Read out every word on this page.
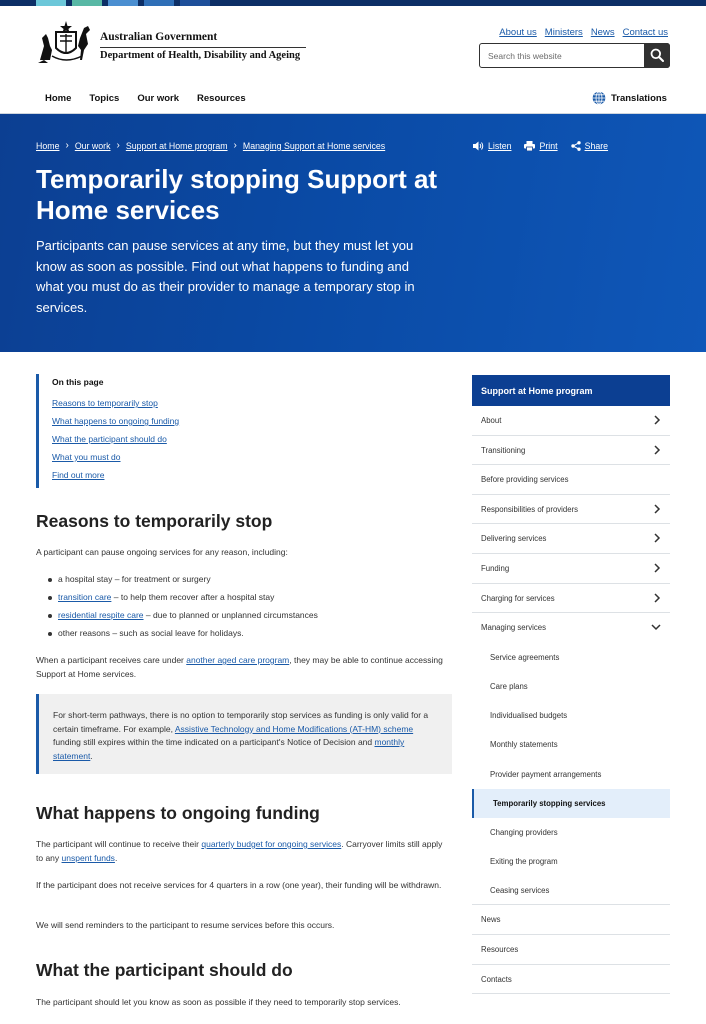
Australian Government
Department of Health, Disability and Ageing
About us Ministers News Contact us
Search this website
Home	Topics	Our work	Resources	Translations
Home › Our work › Support at Home program › Managing Support at Home services	Listen	Print	Share
Temporarily stopping Support at Home services

Participants can pause services at any time, but they must let you know as soon as possible. Find out what happens to funding and what you must do as their provider to manage a temporary stop in services.

On this page
Reasons to temporarily stop
What happens to ongoing funding
What the participant should do
What you must do
Find out more
Reasons to temporarily stop
A participant can pause ongoing services for any reason, including:
a hospital stay – for treatment or surgery
transition care – to help them recover after a hospital stay
residential respite care – due to planned or unplanned circumstances
other reasons – such as social leave for holidays.
When a participant receives care under another aged care program, they may be able to continue accessing Support at Home services.
For short-term pathways, there is no option to temporarily stop services as funding is only valid for a certain timeframe. For example, Assistive Technology and Home Modifications (AT-HM) scheme funding still expires within the time indicated on a participant's Notice of Decision and monthly statement.
What happens to ongoing funding
The participant will continue to receive their quarterly budget for ongoing services. Carryover limits still apply to any unspent funds.
If the participant does not receive services for 4 quarters in a row (one year), their funding will be withdrawn.
We will send reminders to the participant to resume services before this occurs.
What the participant should do
The participant should let you know as soon as possible if they need to temporarily stop services.
Support at Home program
About
Transitioning
Before providing services
Responsibilities of providers
Delivering services
Funding
Charging for services
Managing services
Service agreements
Care plans
Individualised budgets
Monthly statements
Provider payment arrangements
Temporarily stopping services
Changing providers
Exiting the program
Ceasing services
News
Resources
Contacts
